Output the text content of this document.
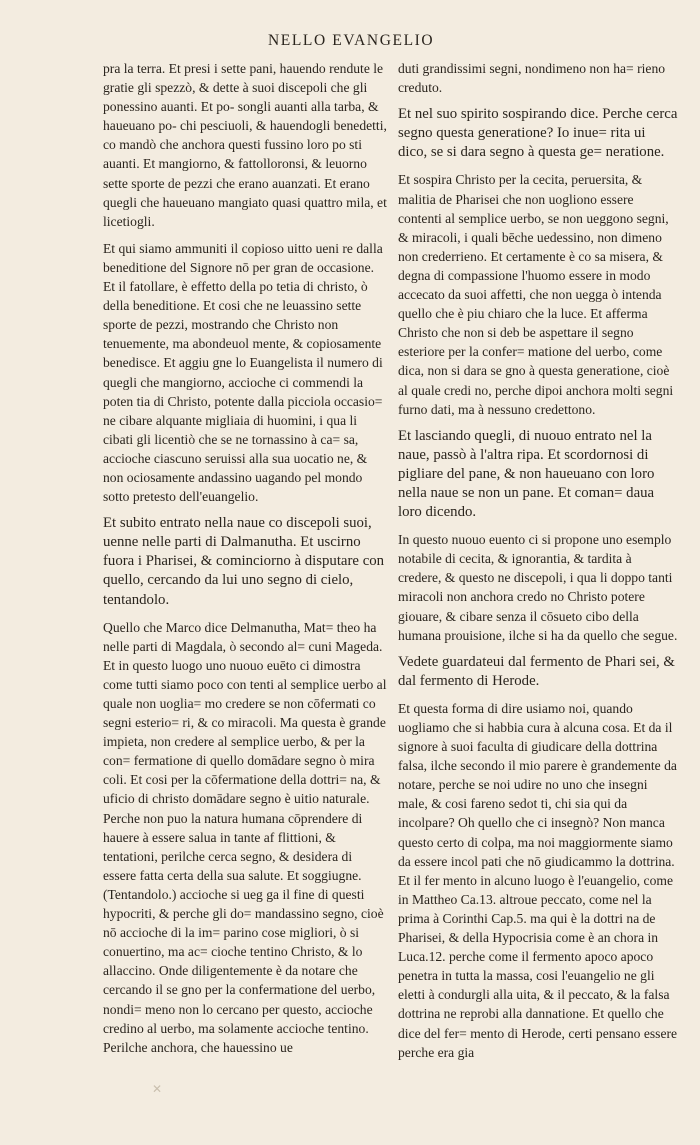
NELLO EVANGELIO

pra la terra. Et presi i sette pani, hauendo rendute le gratie gli spezzò, & dette à suoi discepoli che gli ponessino auanti. Et po- songli auanti alla tarba, & haueuano po- chi pesciuoli, & hauendogli benedetti, co mandò che anchora questi fussino loro po sti auanti. Et mangiorno, & fattolloronsi, & leuorno sette sporte de pezzi che erano auanzati. Et erano quegli che haueuano mangiato quasi quattro mila, et licetiogli.

Et qui siamo ammuniti il copioso uitto ueni re dalla beneditione del Signore nō per gran de occasione. Et il fatollare, è effetto della po tetia di christo, ò della beneditione. Et cosi che ne leuassino sette sporte de pezzi, mostrando che Christo non tenuemente, ma abondeuol mente, & copiosamente benedisce. Et aggiu gne lo Euangelista il numero di quegli che mangiorno, accioche ci commendi la poten tia di Christo, potente dalla picciola occasio= ne cibare alquante migliaia di huomini, i qua li cibati gli licentiò che se ne tornassino à ca= sa, accioche ciascuno seruissi alla sua uocatio ne, & non ociosamente andassino uagando pel mondo sotto pretesto dell'euangelio.

Et subito entrato nella naue co discepoli suoi, uenne nelle parti di Dalmanutha. Et uscirno fuora i Pharisei, & cominciorno à disputare con quello, cercando da lui uno segno di cielo, tentandolo.

Quello che Marco dice Delmanutha, Mat= theo ha nelle parti di Magdala, ò secondo al= cuni Mageda. Et in questo luogo uno nuouo euēto ci dimostra come tutti siamo poco con tenti al semplice uerbo al quale non uoglia= mo credere se non cōfermati co segni esterio= ri, & co miracoli. Ma questa è grande impieta, non credere al semplice uerbo, & per la con= fermatione di quello domādare segno ò mira coli. Et cosi per la cōfermatione della dottri= na, & uficio di christo domādare segno è uitio naturale. Perche non puo la natura humana cōprendere di hauere à essere salua in tante af flittioni, & tentationi, perilche cerca segno, & desidera di essere fatta certa della sua salute. Et soggiugne. (Tentandolo.) accioche si ueg ga il fine di questi hypocriti, & perche gli do= mandassino segno, cioè nō accioche di la im= parino cose migliori, ò si conuertino, ma ac= cioche tentino Christo, & lo allaccino. Onde diligentemente è da notare che cercando il se gno per la confermatione del uerbo, nondi= meno non lo cercano per questo, accioche credino al uerbo, ma solamente accioche tentino. Perilche anchora, che hauessino ue

duti grandissimi segni, nondimeno non ha= rieno creduto.

Et nel suo spirito sospirando dice. Perche cerca segno questa generatione? Io inue= rita ui dico, se si dara segno à questa ge= neratione.

Et sospira Christo per la cecita, peruersita, & malitia de Pharisei che non uogliono essere contenti al semplice uerbo, se non ueggono segni, & miracoli, i quali bēche uedessino, non dimeno non crederrieno. Et certamente è co sa misera, & degna di compassione l'huomo essere in modo accecato da suoi affetti, che non uegga ò intenda quello che è piu chiaro che la luce. Et afferma Christo che non si deb be aspettare il segno esteriore per la confer= matione del uerbo, come dica, non si dara se gno à questa generatione, cioè al quale credi no, perche dipoi anchora molti segni furno dati, ma à nessuno credettono.

Et lasciando quegli, di nuouo entrato nel la naue, passò à l'altra ripa. Et scordornosi di pigliare del pane, & non haueuano con loro nella naue se non un pane. Et coman= daua loro dicendo.

In questo nuouo euento ci si propone uno esemplo notabile di cecita, & ignorantia, & tardita à credere, & questo ne discepoli, i qua li doppo tanti miracoli non anchora credo no Christo potere giouare, & cibare senza il cōsueto cibo della humana prouisione, ilche si ha da quello che segue.

Vedete guardateui dal fermento de Phari sei, & dal fermento di Herode.

Et questa forma di dire usiamo noi, quando uogliamo che si habbia cura à alcuna cosa. Et da il signore à suoi faculta di giudicare della dottrina falsa, ilche secondo il mio parere è grandemente da notare, perche se noi udire no uno che insegni male, & cosi fareno sedot ti, chi sia qui da incolpare? Oh quello che ci insegnò? Non manca questo certo di colpa, ma noi maggiormente siamo da essere incol pati che nō giudicammo la dottrina. Et il fer mento in alcuno luogo è l'euangelio, come in Mattheo Ca.13. altroue peccato, come nel la prima à Corinthi Cap.5. ma qui è la dottri na de Pharisei, & della Hypocrisia come è an chora in Luca.12. perche come il fermento apoco apoco penetra in tutta la massa, cosi l'euangelio ne gli eletti à condurgli alla uita, & il peccato, & la falsa dottrina ne reprobi alla dannatione. Et quello che dice del fer= mento di Herode, certi pensano essere perche era gia

✕
